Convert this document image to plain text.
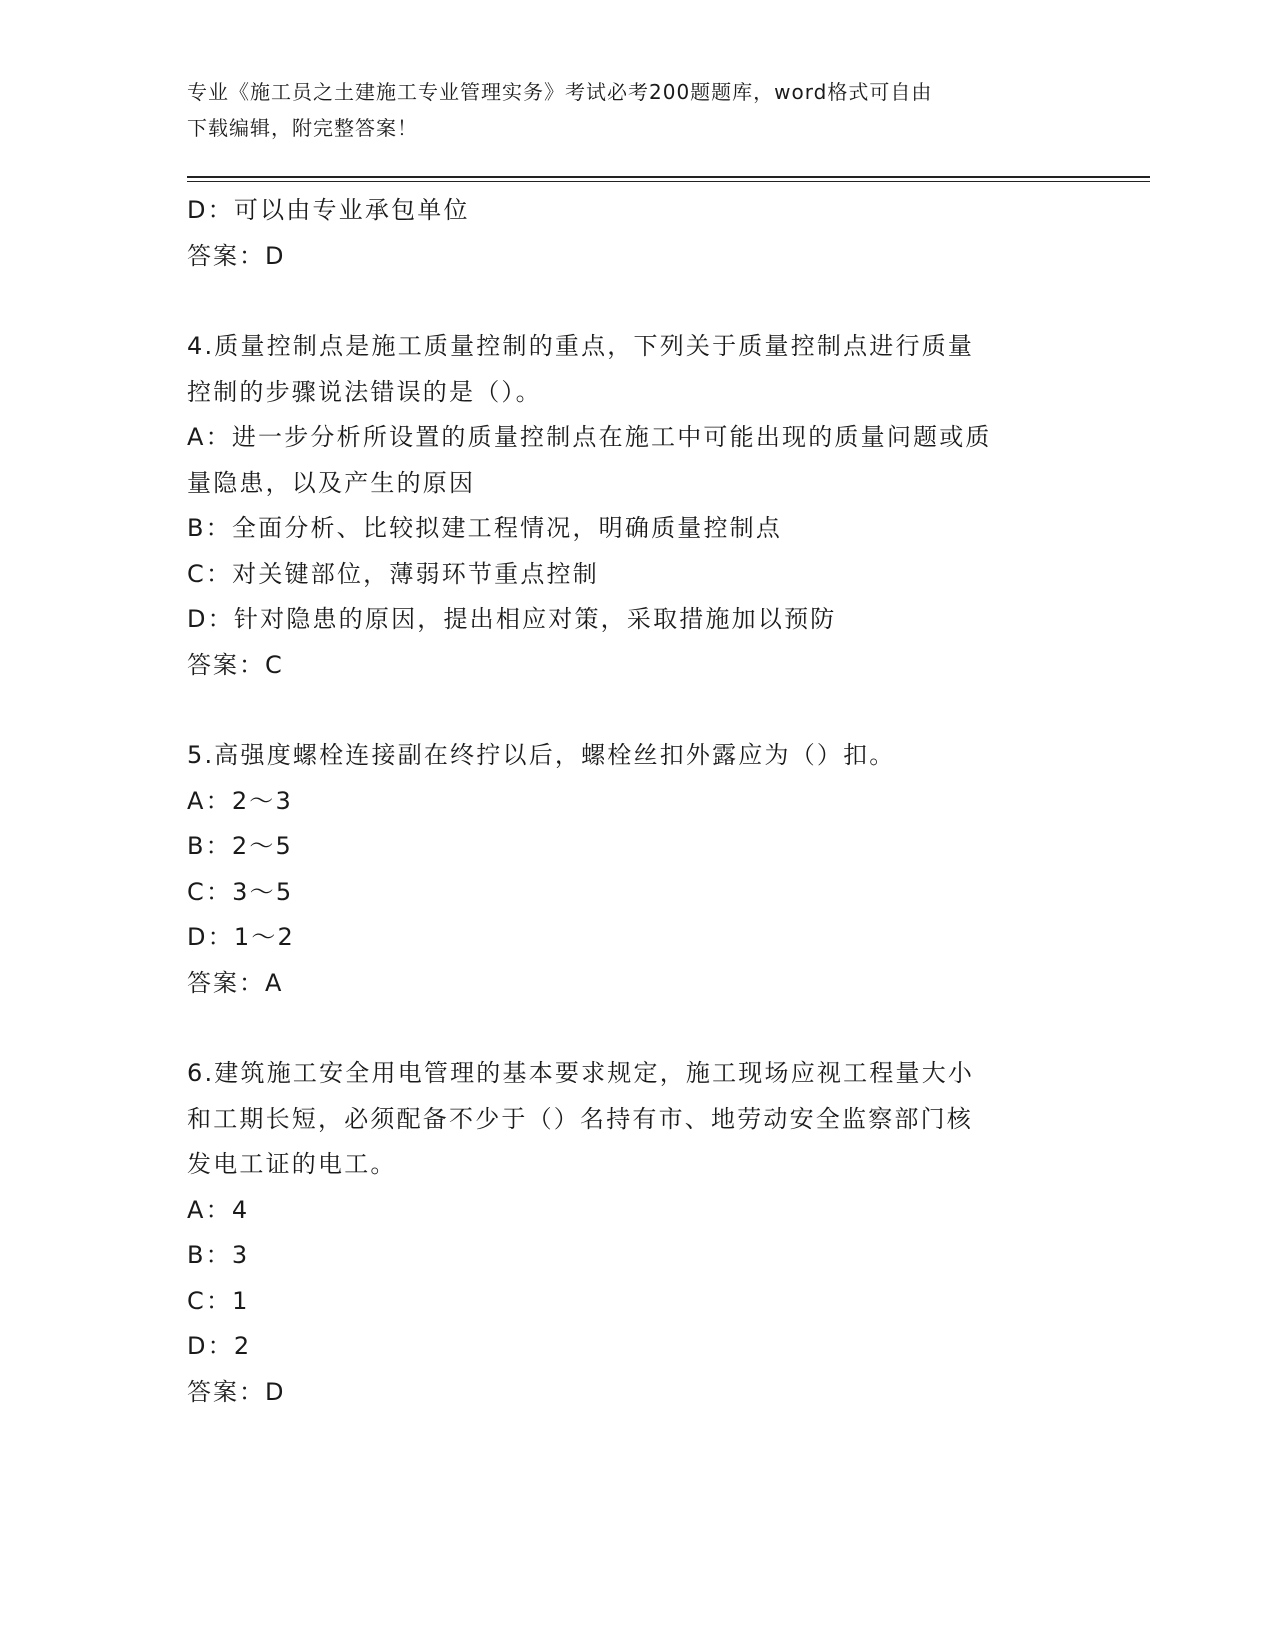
专业《施工员之土建施工专业管理实务》考试必考200题题库，word格式可自由
下载编辑，附完整答案！
D：可以由专业承包单位
答案：D
4.质量控制点是施工质量控制的重点，下列关于质量控制点进行质量
控制的步骤说法错误的是（）。
A：进一步分析所设置的质量控制点在施工中可能出现的质量问题或质
量隐患，以及产生的原因
B：全面分析、比较拟建工程情况，明确质量控制点
C：对关键部位，薄弱环节重点控制
D：针对隐患的原因，提出相应对策，采取措施加以预防
答案：C
5.高强度螺栓连接副在终拧以后，螺栓丝扣外露应为（）扣。
A：2～3
B：2～5
C：3～5
D：1～2
答案：A
6.建筑施工安全用电管理的基本要求规定，施工现场应视工程量大小
和工期长短，必须配备不少于（）名持有市、地劳动安全监察部门核
发电工证的电工。
A：4
B：3
C：1
D：2
答案：D
